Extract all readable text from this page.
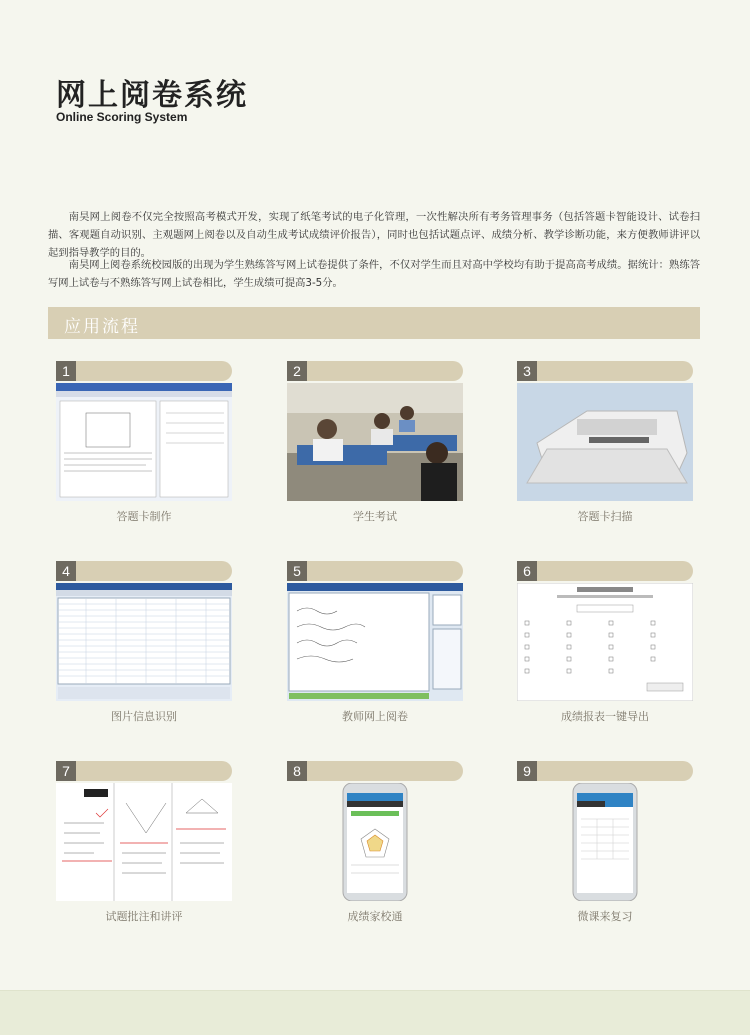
网上阅卷系统
Online Scoring System

南昊网上阅卷不仅完全按照高考模式开发，实现了纸笔考试的电子化管理，一次性解决所有考务管理事务（包括答题卡智能设计、试卷扫描、客观题自动识别、主观题网上阅卷以及自动生成考试成绩评价报告），同时也包括试题点评、成绩分析、教学诊断功能，来方便教师讲评以起到指导教学的目的。

南昊网上阅卷系统校园版的出现为学生熟练答写网上试卷提供了条件，不仅对学生而且对高中学校均有助于提高高考成绩。据统计：熟练答写网上试卷与不熟练答写网上试卷相比，学生成绩可提高3-5分。

应用流程
1
答题卡制作
2
学生考试
3
答题卡扫描
4
图片信息识别
5
教师网上阅卷
6
成绩报表一键导出
7
试题批注和讲评
8
成绩家校通
9
微课来复习
